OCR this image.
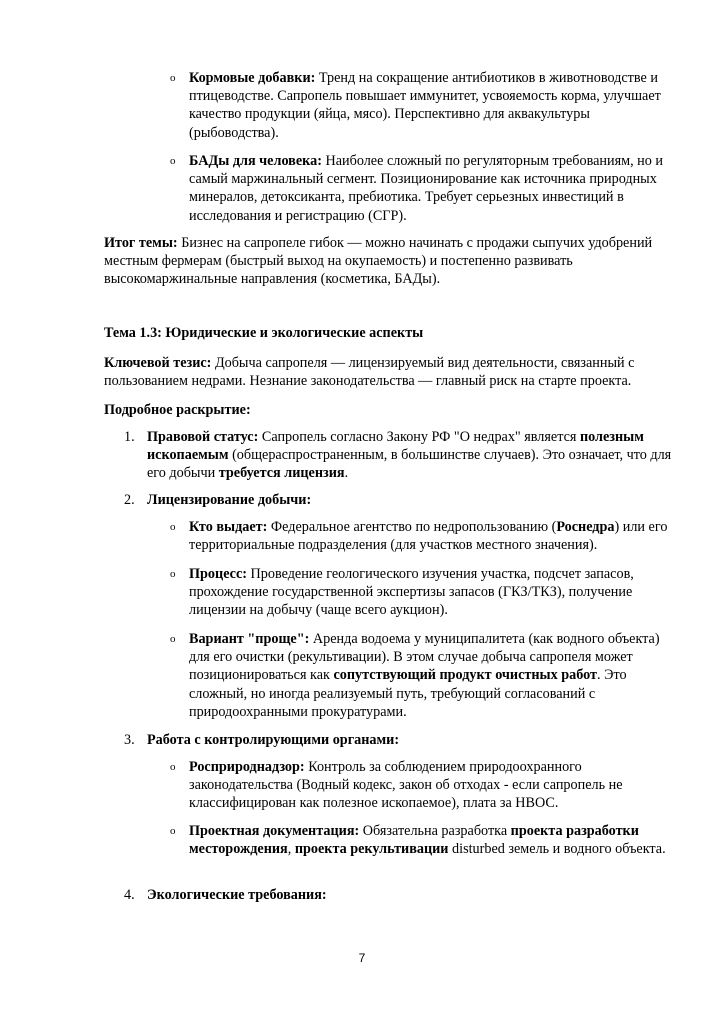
o Кормовые добавки: Тренд на сокращение антибиотиков в животноводстве и птицеводстве. Сапропель повышает иммунитет, усвояемость корма, улучшает качество продукции (яйца, мясо). Перспективно для аквакультуры (рыбоводства).
o БАДы для человека: Наиболее сложный по регуляторным требованиям, но и самый маржинальный сегмент. Позиционирование как источника природных минералов, детоксиканта, пребиотика. Требует серьезных инвестиций в исследования и регистрацию (СГР).
Итог темы: Бизнес на сапропеле гибок — можно начинать с продажи сыпучих удобрений местным фермерам (быстрый выход на окупаемость) и постепенно развивать высокомаржинальные направления (косметика, БАДы).
Тема 1.3: Юридические и экологические аспекты
Ключевой тезис: Добыча сапропеля — лицензируемый вид деятельности, связанный с пользованием недрами. Незнание законодательства — главный риск на старте проекта.
Подробное раскрытие:
1. Правовой статус: Сапропель согласно Закону РФ "О недрах" является полезным ископаемым (общераспространенным, в большинстве случаев). Это означает, что для его добычи требуется лицензия.
2. Лицензирование добычи:
o Кто выдает: Федеральное агентство по недропользованию (Роснедра) или его территориальные подразделения (для участков местного значения).
o Процесс: Проведение геологического изучения участка, подсчет запасов, прохождение государственной экспертизы запасов (ГКЗ/ТКЗ), получение лицензии на добычу (чаще всего аукцион).
o Вариант "проще": Аренда водоема у муниципалитета (как водного объекта) для его очистки (рекультивации). В этом случае добыча сапропеля может позиционироваться как сопутствующий продукт очистных работ. Это сложный, но иногда реализуемый путь, требующий согласований с природоохранными прокуратурами.
3. Работа с контролирующими органами:
o Росприроднадзор: Контроль за соблюдением природоохранного законодательства (Водный кодекс, закон об отходах - если сапропель не классифицирован как полезное ископаемое), плата за НВОС.
o Проектная документация: Обязательна разработка проекта разработки месторождения, проекта рекультивации disturbed земель и водного объекта.
4. Экологические требования:
7
